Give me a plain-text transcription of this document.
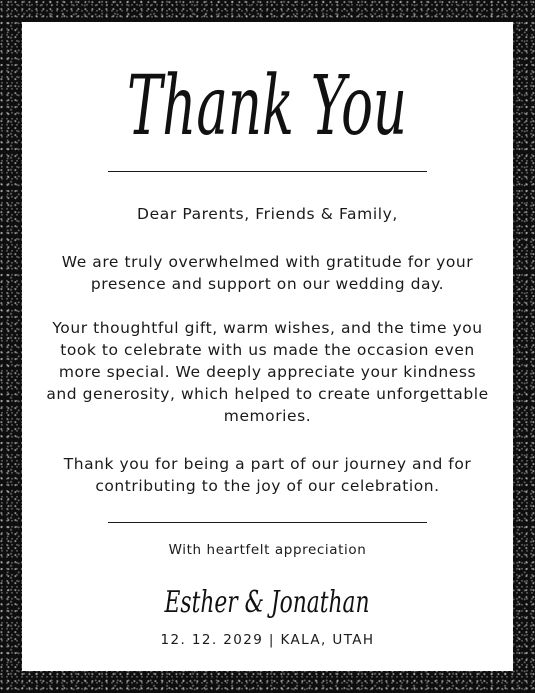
Thank You
Dear Parents, Friends & Family,

We are truly overwhelmed with gratitude for your presence and support on our wedding day.

Your thoughtful gift, warm wishes, and the time you took to celebrate with us made the occasion even more special. We deeply appreciate your kindness and generosity, which helped to create unforgettable memories.

Thank you for being a part of our journey and for contributing to the joy of our celebration.

With heartfelt appreciation
Esther & Jonathan
12. 12. 2029 | KALA, UTAH
